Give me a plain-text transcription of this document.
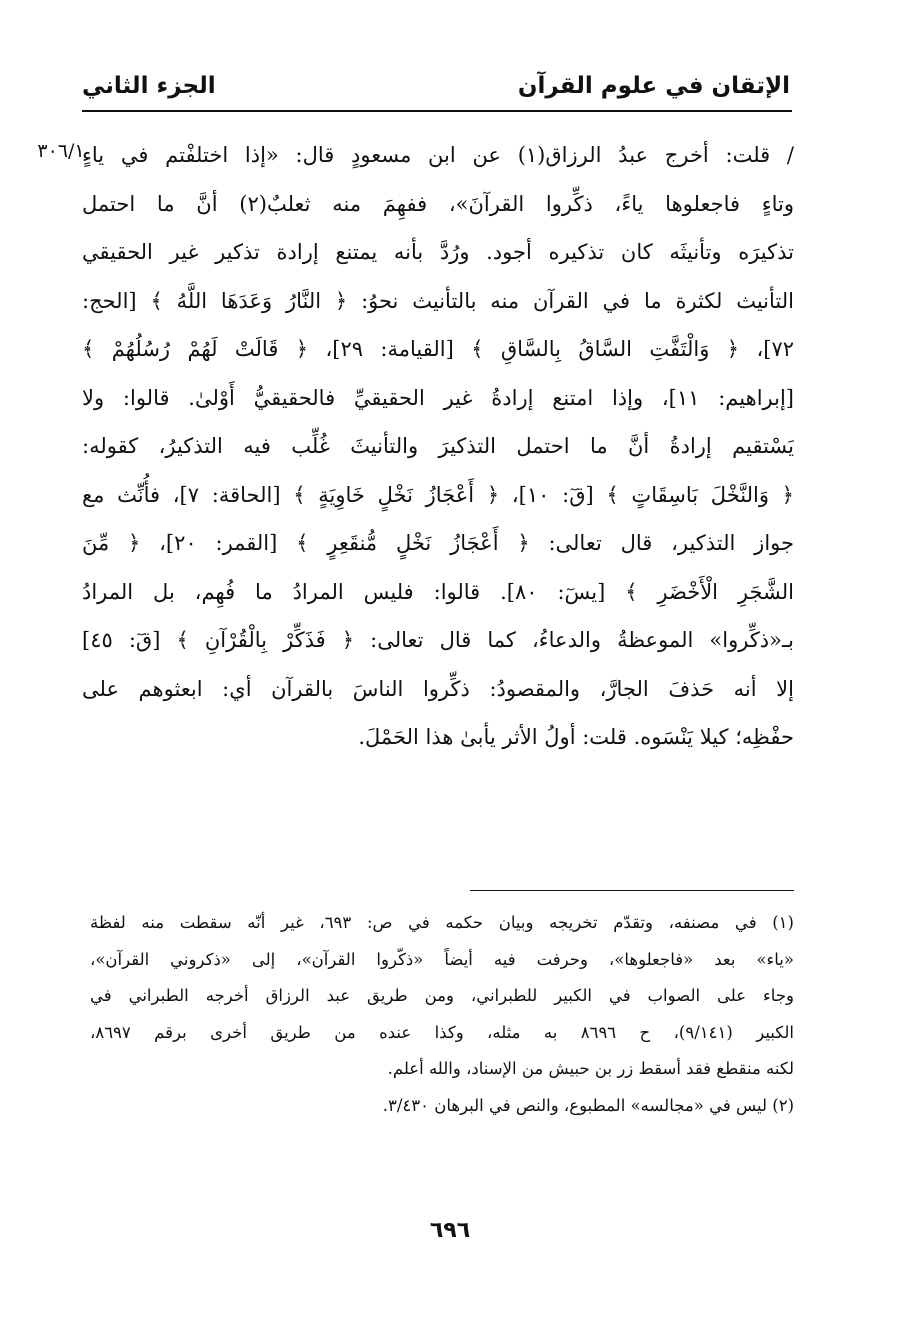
الإتقان في علوم القرآن
الجزء الثاني
٣٠٦/١
/ قلت: أخرج عبدُ الرزاق(١) عن ابن مسعودٍ قال: «إذا اختلفْتم في ياءٍ
وتاءٍ فاجعلوها ياءً، ذكِّروا القرآنَ»، ففهِمَ منه ثعلبٌ(٢) أنَّ ما احتمل
تذكيرَه وتأنيثَه كان تذكيره أجود. ورُدَّ بأنه يمتنع إرادة تذكير غير الحقيقي
التأنيث لكثرة ما في القرآن منه بالتأنيث نحوُ: ﴿ النَّارُ وَعَدَهَا اللَّهُ ﴾ [الحج:
٧٢]، ﴿ وَالْتَفَّتِ السَّاقُ بِالسَّاقِ ﴾ [القيامة: ٢٩]، ﴿ قَالَتْ لَهُمْ رُسُلُهُمْ ﴾
[إبراهيم: ١١]، وإذا امتنع إرادةُ غير الحقيقيِّ فالحقيقيُّ أَوْلىٰ. قالوا: ولا
يَسْتقيم إرادةُ أنَّ ما احتمل التذكيرَ والتأنيثَ غُلِّب فيه التذكيرُ، كقوله:
﴿ وَالنَّخْلَ بَاسِقَاتٍ ﴾ [قٓ: ١٠]، ﴿ أَعْجَازُ نَخْلٍ خَاوِيَةٍ ﴾ [الحاقة: ٧]، فأُنِّث مع
جواز التذكير، قال تعالى: ﴿ أَعْجَازُ نَخْلٍ مُّنقَعِرٍ ﴾ [القمر: ٢٠]، ﴿ مِّنَ
الشَّجَرِ الْأَخْضَرِ ﴾ [يسٓ: ٨٠]. قالوا: فليس المرادُ ما فُهِم، بل المرادُ
بـ«ذكِّروا» الموعظةُ والدعاءُ، كما قال تعالى: ﴿ فَذَكِّرْ بِالْقُرْآنِ ﴾ [قٓ: ٤٥]
إلا أنه حَذفَ الجارَّ، والمقصودُ: ذكِّروا الناسَ بالقرآن أي: ابعثوهم على
حفْظِه؛ كيلا يَنْسَوه. قلت: أولُ الأثر يأبىٰ هذا الحَمْلَ.
(١) في مصنفه، وتقدّم تخريجه وبيان حكمه في ص: ٦٩٣، غير أنّه سقطت منه لفظة
«ياء» بعد «فاجعلوها»، وحرفت فيه أيضاً «ذكّروا القرآن»، إلى «ذكروني القرآن»،
وجاء على الصواب في الكبير للطبراني، ومن طريق عبد الرزاق أخرجه الطبراني في
الكبير (٩/١٤١)، ح ٨٦٩٦ به مثله، وكذا عنده من طريق أخرى برقم ٨٦٩٧،
لكنه منقطع فقد أسقط زر بن حبيش من الإسناد، والله أعلم.
(٢) ليس في «مجالسه» المطبوع، والنص في البرهان ٣/٤٣٠.
٦٩٦
